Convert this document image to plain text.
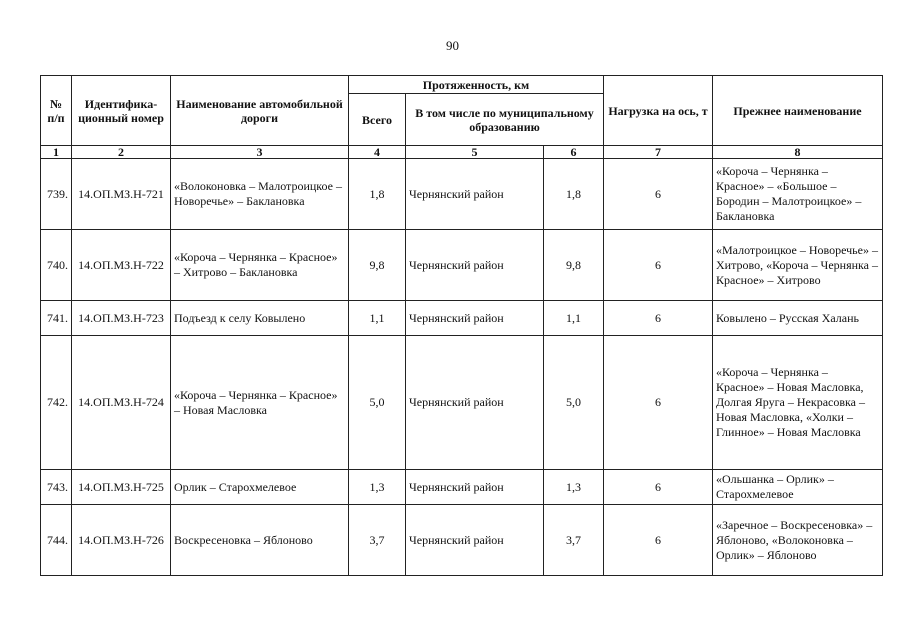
90
№ п/п	Идентифика-ционный номер	Наименование автомобильной дороги	Протяженность, км			Нагрузка на ось, т	Прежнее наименование
			Всего	В том числе по муниципальному образованию			
1	2	3	4	5	6	7	8
739.	14.ОП.МЗ.Н-721	«Волоконовка – Малотроицкое – Новоречье» – Баклановка	1,8	Чернянский район	1,8	6	«Короча – Чернянка – Красное» – «Большое – Бородин – Малотроицкое» – Баклановка
740.	14.ОП.МЗ.Н-722	«Короча – Чернянка – Красное» – Хитрово – Баклановка	9,8	Чернянский район	9,8	6	«Малотроицкое – Новоречье» – Хитрово, «Короча – Чернянка – Красное» – Хитрово
741.	14.ОП.МЗ.Н-723	Подъезд к селу Ковылено	1,1	Чернянский район	1,1	6	Ковылено – Русская Халань
742.	14.ОП.МЗ.Н-724	«Короча – Чернянка – Красное» – Новая Масловка	5,0	Чернянский район	5,0	6	«Короча – Чернянка – Красное» – Новая Масловка, Долгая Яруга – Некрасовка – Новая Масловка, «Холки – Глинное» – Новая Масловка
743.	14.ОП.МЗ.Н-725	Орлик – Старохмелевое	1,3	Чернянский район	1,3	6	«Ольшанка – Орлик» – Старохмелевое
744.	14.ОП.МЗ.Н-726	Воскресеновка – Яблоново	3,7	Чернянский район	3,7	6	«Заречное – Воскресеновка» – Яблоново, «Волоконовка – Орлик» – Яблоново
